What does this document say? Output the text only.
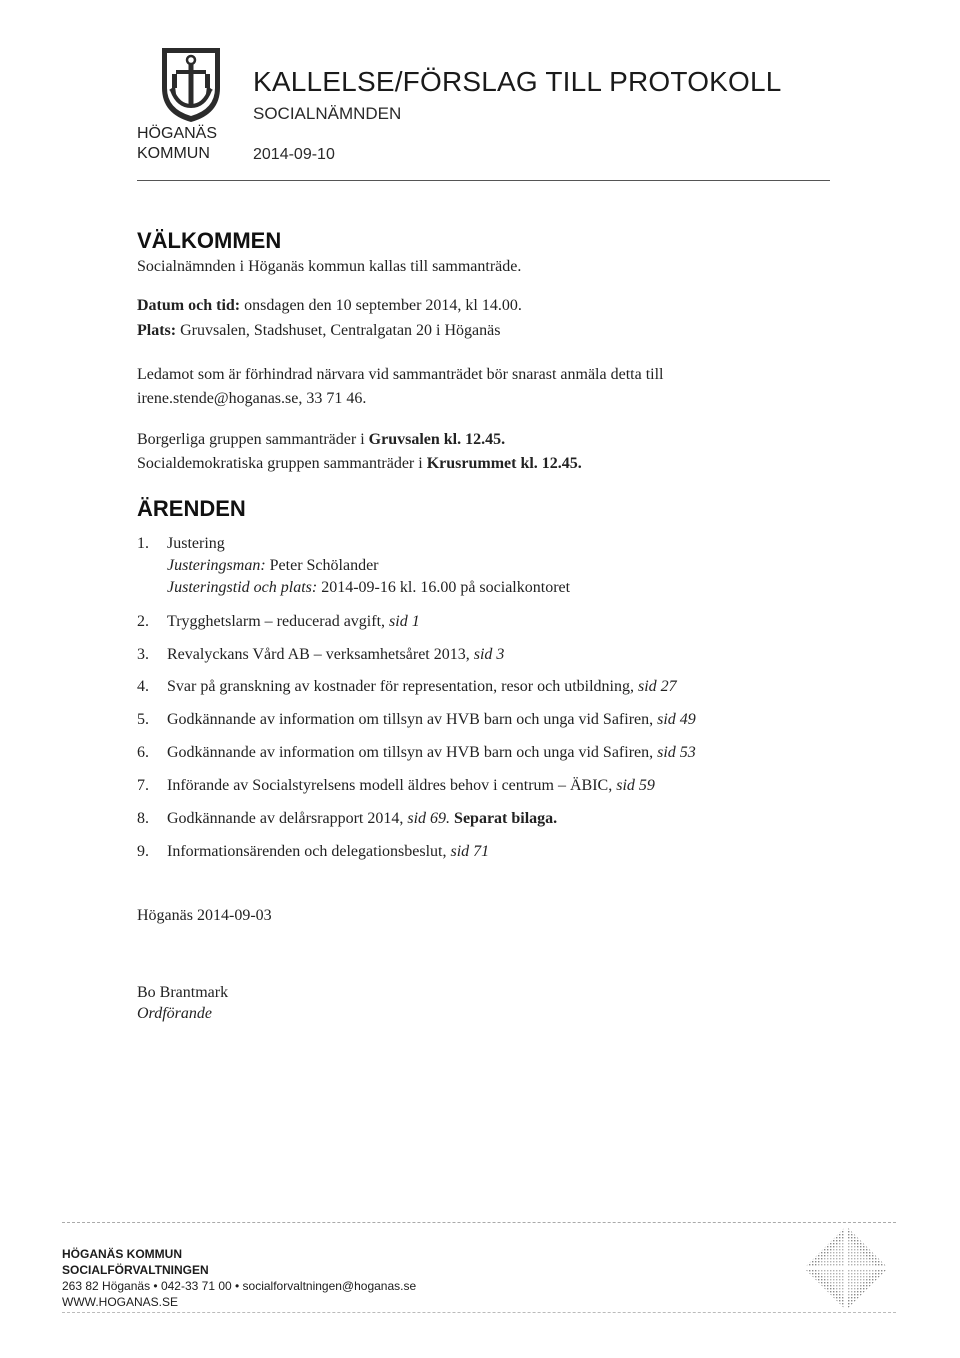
HÖGANÄS
KOMMUN
KALLELSE/FÖRSLAG TILL PROTOKOLL
SOCIALNÄMNDEN
2014-09-10
VÄLKOMMEN
Socialnämnden i Höganäs kommun kallas till sammanträde.
Datum och tid: onsdagen den 10 september 2014, kl 14.00.
Plats: Gruvsalen, Stadshuset, Centralgatan 20 i Höganäs
Ledamot som är förhindrad närvara vid sammanträdet bör snarast anmäla detta till
irene.stende@hoganas.se, 33 71 46.
Borgerliga gruppen sammanträder i Gruvsalen kl. 12.45.
Socialdemokratiska gruppen sammanträder i Krusrummet kl. 12.45.
ÄRENDEN
1. Justering
Justeringsman: Peter Schölander
Justeringstid och plats: 2014-09-16 kl. 16.00 på socialkontoret
2. Trygghetslarm – reducerad avgift, sid 1
3. Revalyckans Vård AB – verksamhetsåret 2013, sid 3
4. Svar på granskning av kostnader för representation, resor och utbildning, sid 27
5. Godkännande av information om tillsyn av HVB barn och unga vid Safiren, sid 49
6. Godkännande av information om tillsyn av HVB barn och unga vid Safiren, sid 53
7. Införande av Socialstyrelsens modell äldres behov i centrum – ÄBIC, sid 59
8. Godkännande av delårsrapport 2014, sid 69. Separat bilaga.
9. Informationsärenden och delegationsbeslut, sid 71
Höganäs 2014-09-03
Bo Brantmark
Ordförande
HÖGANÄS KOMMUN
SOCIALFÖRVALTNINGEN
263 82 Höganäs • 042-33 71 00 • socialforvaltningen@hoganas.se
WWW.HOGANAS.SE
